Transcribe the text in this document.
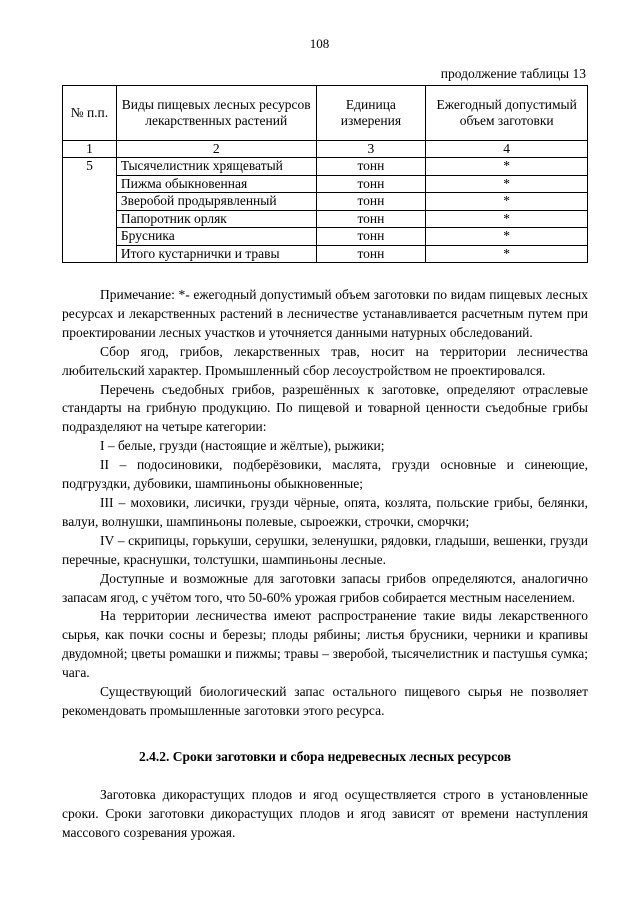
108
продолжение таблицы 13
№ п.п.	Виды пищевых лесных ресурсов лекарственных растений	Единица измерения	Ежегодный допустимый объем заготовки
1	2	3	4
5	Тысячелистник хрящеватый	тонн	*
	Пижма обыкновенная	тонн	*
	Зверобой продырявленный	тонн	*
	Папоротник орляк	тонн	*
	Брусника	тонн	*
	Итого кустарнички и травы	тонн	*

Примечание: *- ежегодный допустимый объем заготовки по видам пищевых лесных ресурсах и лекарственных растений в лесничестве устанавливается расчетным путем при проектировании лесных участков и уточняется данными натурных обследований.

Сбор ягод, грибов, лекарственных трав, носит на территории лесничества любительский характер. Промышленный сбор лесоустройством не проектировался.

Перечень съедобных грибов, разрешённых к заготовке, определяют отраслевые стандарты на грибную продукцию. По пищевой и товарной ценности съедобные грибы подразделяют на четыре категории:

I – белые, грузди (настоящие и жёлтые), рыжики;

II – подосиновики, подберёзовики, маслята, грузди основные и синеющие, подгруздки, дубовики, шампиньоны обыкновенные;

III – моховики, лисички, грузди чёрные, опята, козлята, польские грибы, белянки, валуи, волнушки, шампиньоны полевые, сыроежки, строчки, сморчки;

IV – скрипицы, горькуши, серушки, зеленушки, рядовки, гладыши, вешенки, грузди перечные, краснушки, толстушки, шампиньоны лесные.

Доступные и возможные для заготовки запасы грибов определяются, аналогично запасам ягод, с учётом того, что 50-60% урожая грибов собирается местным населением.

На территории лесничества имеют распространение такие виды лекарственного сырья, как почки сосны и березы; плоды рябины; листья брусники, черники и крапивы двудомной; цветы ромашки и пижмы; травы – зверобой, тысячелистник и пастушья сумка; чага.

Существующий биологический запас остального пищевого сырья не позволяет рекомендовать промышленные заготовки этого ресурса.

2.4.2. Сроки заготовки и сбора недревесных лесных ресурсов

Заготовка дикорастущих плодов и ягод осуществляется строго в установленные сроки. Сроки заготовки дикорастущих плодов и ягод зависят от времени наступления массового созревания урожая.
